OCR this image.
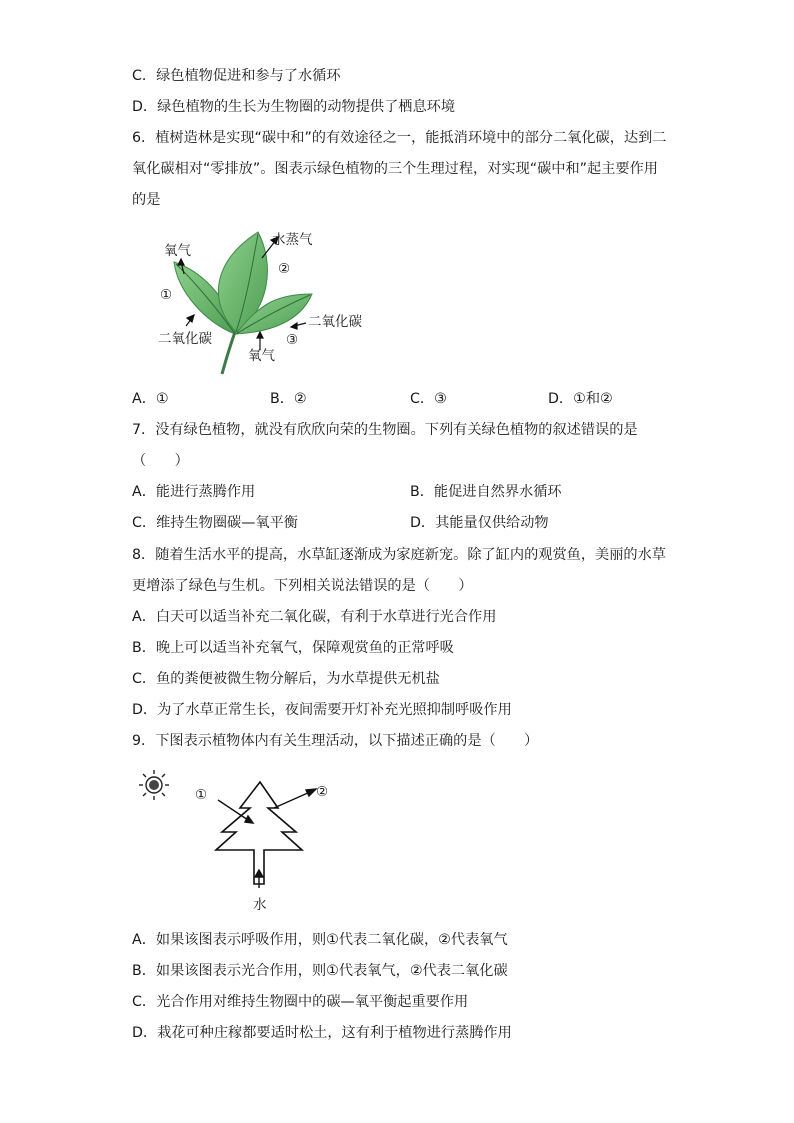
C．绿色植物促进和参与了水循环
D．绿色植物的生长为生物圈的动物提供了栖息环境
6．植树造林是实现“碳中和”的有效途径之一，能抵消环境中的部分二氧化碳，达到二
氧化碳相对“零排放”。图表示绿色植物的三个生理过程，对实现“碳中和”起主要作用
的是
氧气
水蒸气
②
①
二氧化碳
二氧化碳	③
氧气
A．①	B．②	C．③	D．①和②
7．没有绿色植物，就没有欣欣向荣的生物圈。下列有关绿色植物的叙述错误的是
（　　）
A．能进行蒸腾作用	B．能促进自然界水循环
C．维持生物圈碳—氧平衡	D．其能量仅供给动物
8．随着生活水平的提高，水草缸逐渐成为家庭新宠。除了缸内的观赏鱼，美丽的水草
更增添了绿色与生机。下列相关说法错误的是（　　）
A．白天可以适当补充二氧化碳，有利于水草进行光合作用
B．晚上可以适当补充氧气，保障观赏鱼的正常呼吸
C．鱼的粪便被微生物分解后，为水草提供无机盐
D．为了水草正常生长，夜间需要开灯补充光照抑制呼吸作用
9．下图表示植物体内有关生理活动，以下描述正确的是（　　）
①	②
水
A．如果该图表示呼吸作用，则①代表二氧化碳，②代表氧气
B．如果该图表示光合作用，则①代表氧气，②代表二氧化碳
C．光合作用对维持生物圈中的碳—氧平衡起重要作用
D．栽花可种庄稼都要适时松土，这有利于植物进行蒸腾作用
